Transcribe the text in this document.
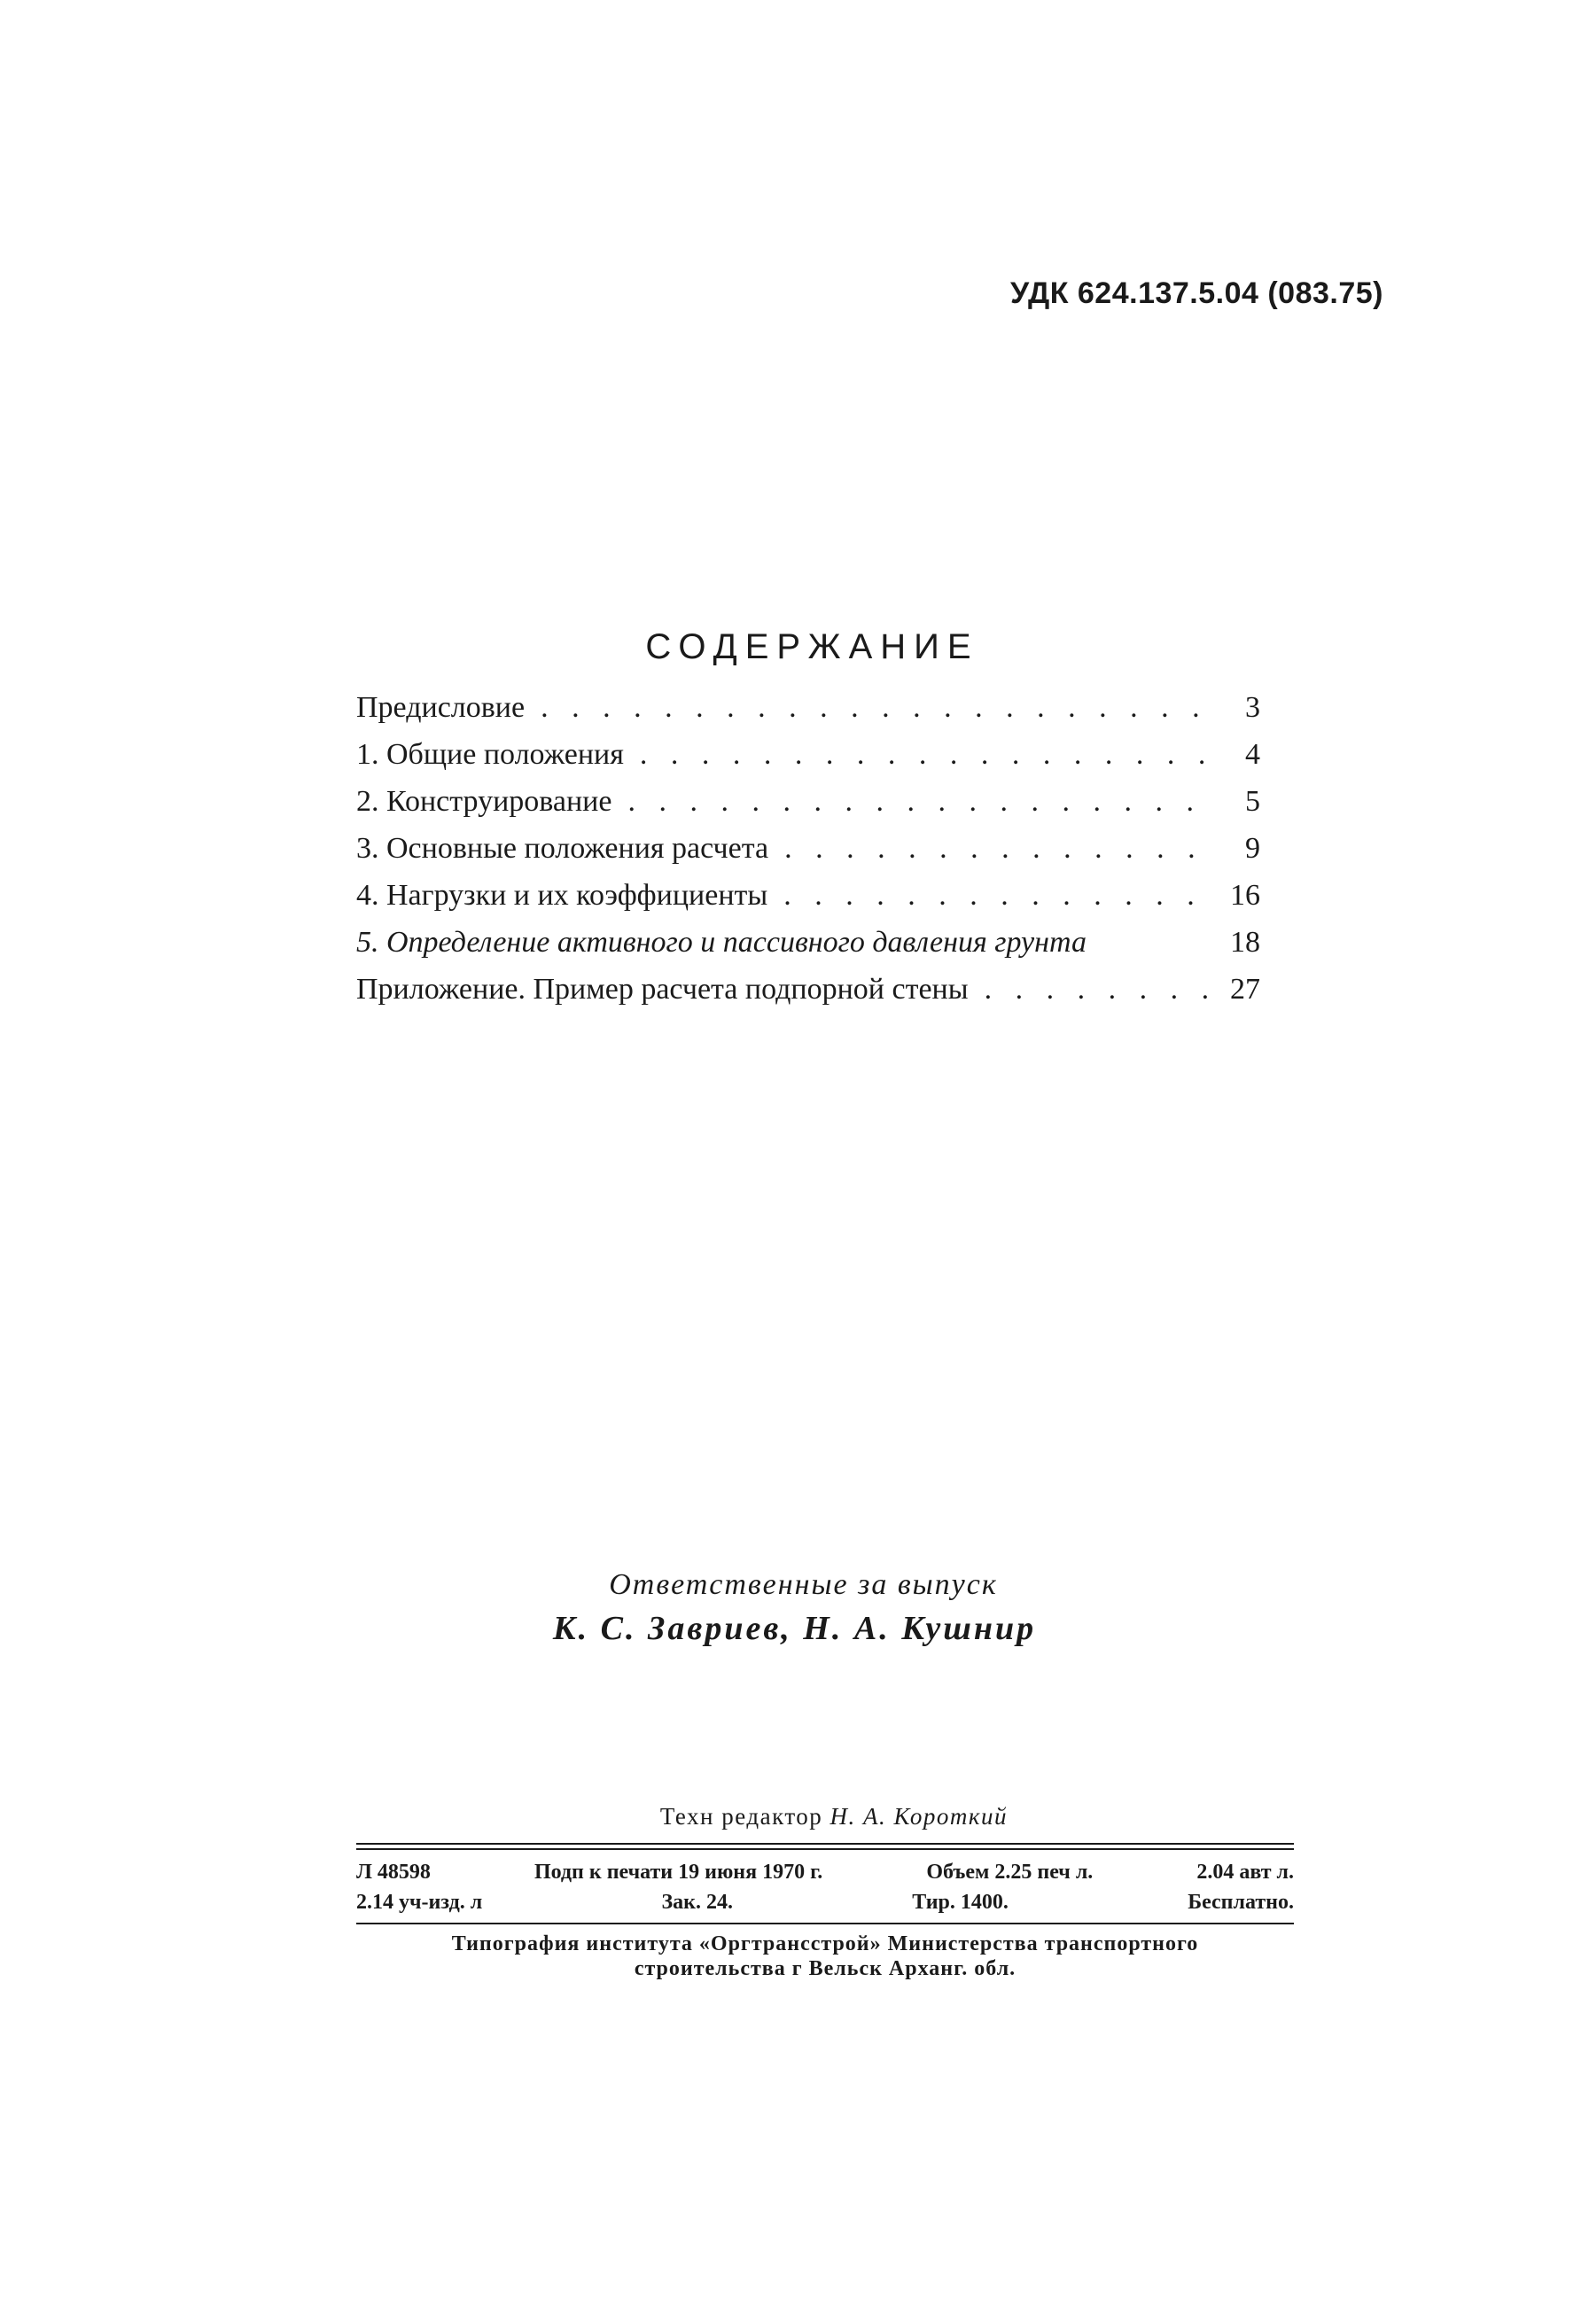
УДК 624.137.5.04 (083.75)
СОДЕРЖАНИЕ
Предисловие . . .	3
1. Общие положения . . .	4
2. Конструирование . . .	5
3. Основные положения расчета . . .	9
4. Нагрузки и их коэффициенты . . .	16
5. Определение активного и пассивного давления грунта	18
Приложение. Пример расчета подпорной стены . . .	27
Ответственные за выпуск
К. С. Завриев, Н. А. Кушнир
Техн редактор Н. А. Короткий
Л 48598	Подп к печати 19 июня 1970 г.	Объем 2.25 печ л.	2.04 авт л.
2.14 уч-изд. л	Зак. 24.	Тир. 1400.	Бесплатно.
Типография института «Оргтрансстрой» Министерства транспортного
строительства г Вельск Арханг. обл.
